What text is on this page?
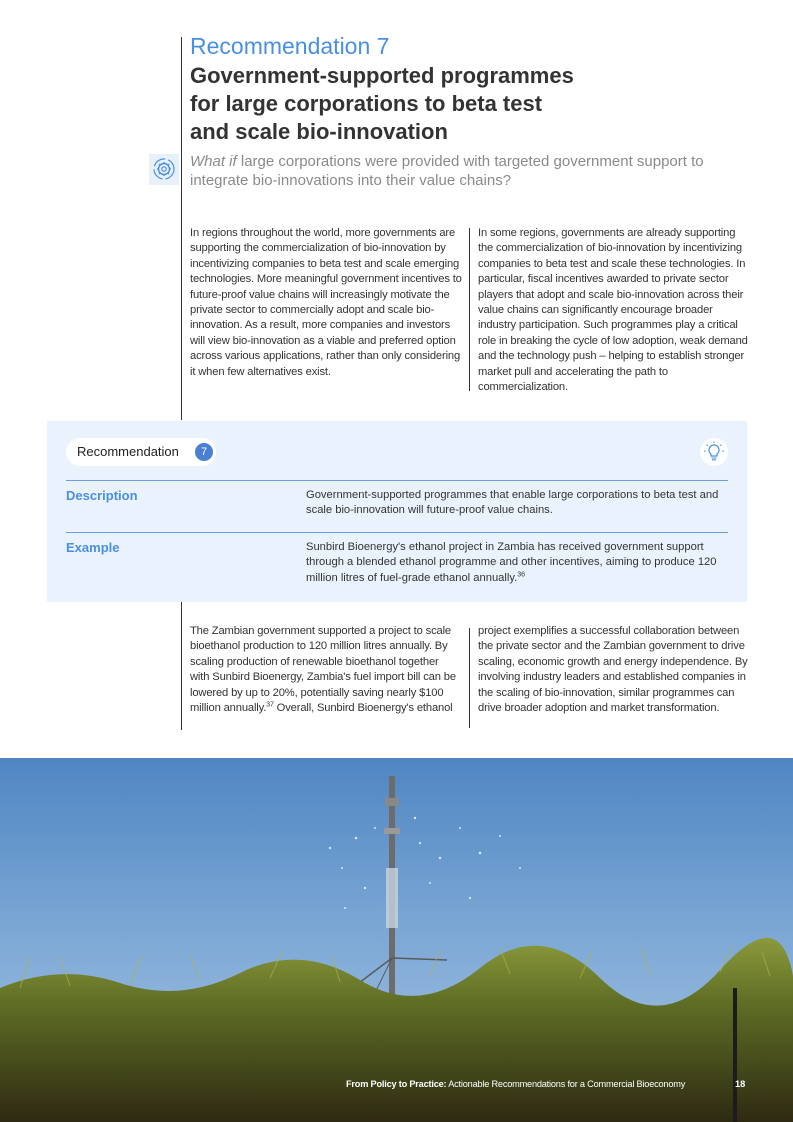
Recommendation 7
Government-supported programmes
for large corporations to beta test
and scale bio-innovation
What if large corporations were provided with targeted government support to integrate bio-innovations into their value chains?
In regions throughout the world, more governments are supporting the commercialization of bio-innovation by incentivizing companies to beta test and scale emerging technologies. More meaningful government incentives to future-proof value chains will increasingly motivate the private sector to commercially adopt and scale bio-innovation. As a result, more companies and investors will view bio-innovation as a viable and preferred option across various applications, rather than only considering it when few alternatives exist.
In some regions, governments are already supporting the commercialization of bio-innovation by incentivizing companies to beta test and scale these technologies. In particular, fiscal incentives awarded to private sector players that adopt and scale bio-innovation across their value chains can significantly encourage broader industry participation. Such programmes play a critical role in breaking the cycle of low adoption, weak demand and the technology push – helping to establish stronger market pull and accelerating the path to commercialization.
Recommendation	7
Description	Government-supported programmes that enable large corporations to beta test and scale bio-innovation will future-proof value chains.
Example	Sunbird Bioenergy's ethanol project in Zambia has received government support through a blended ethanol programme and other incentives, aiming to produce 120 million litres of fuel-grade ethanol annually.$^{36}$
The Zambian government supported a project to scale bioethanol production to 120 million litres annually. By scaling production of renewable bioethanol together with Sunbird Bioenergy, Zambia's fuel import bill can be lowered by up to 20%, potentially saving nearly $100 million annually.$^{37}$ Overall, Sunbird Bioenergy's ethanol
project exemplifies a successful collaboration between the private sector and the Zambian government to drive scaling, economic growth and energy independence. By involving industry leaders and established companies in the scaling of bio-innovation, similar programmes can drive broader adoption and market transformation.
From Policy to Practice: Actionable Recommendations for a Commercial Bioeconomy	18
